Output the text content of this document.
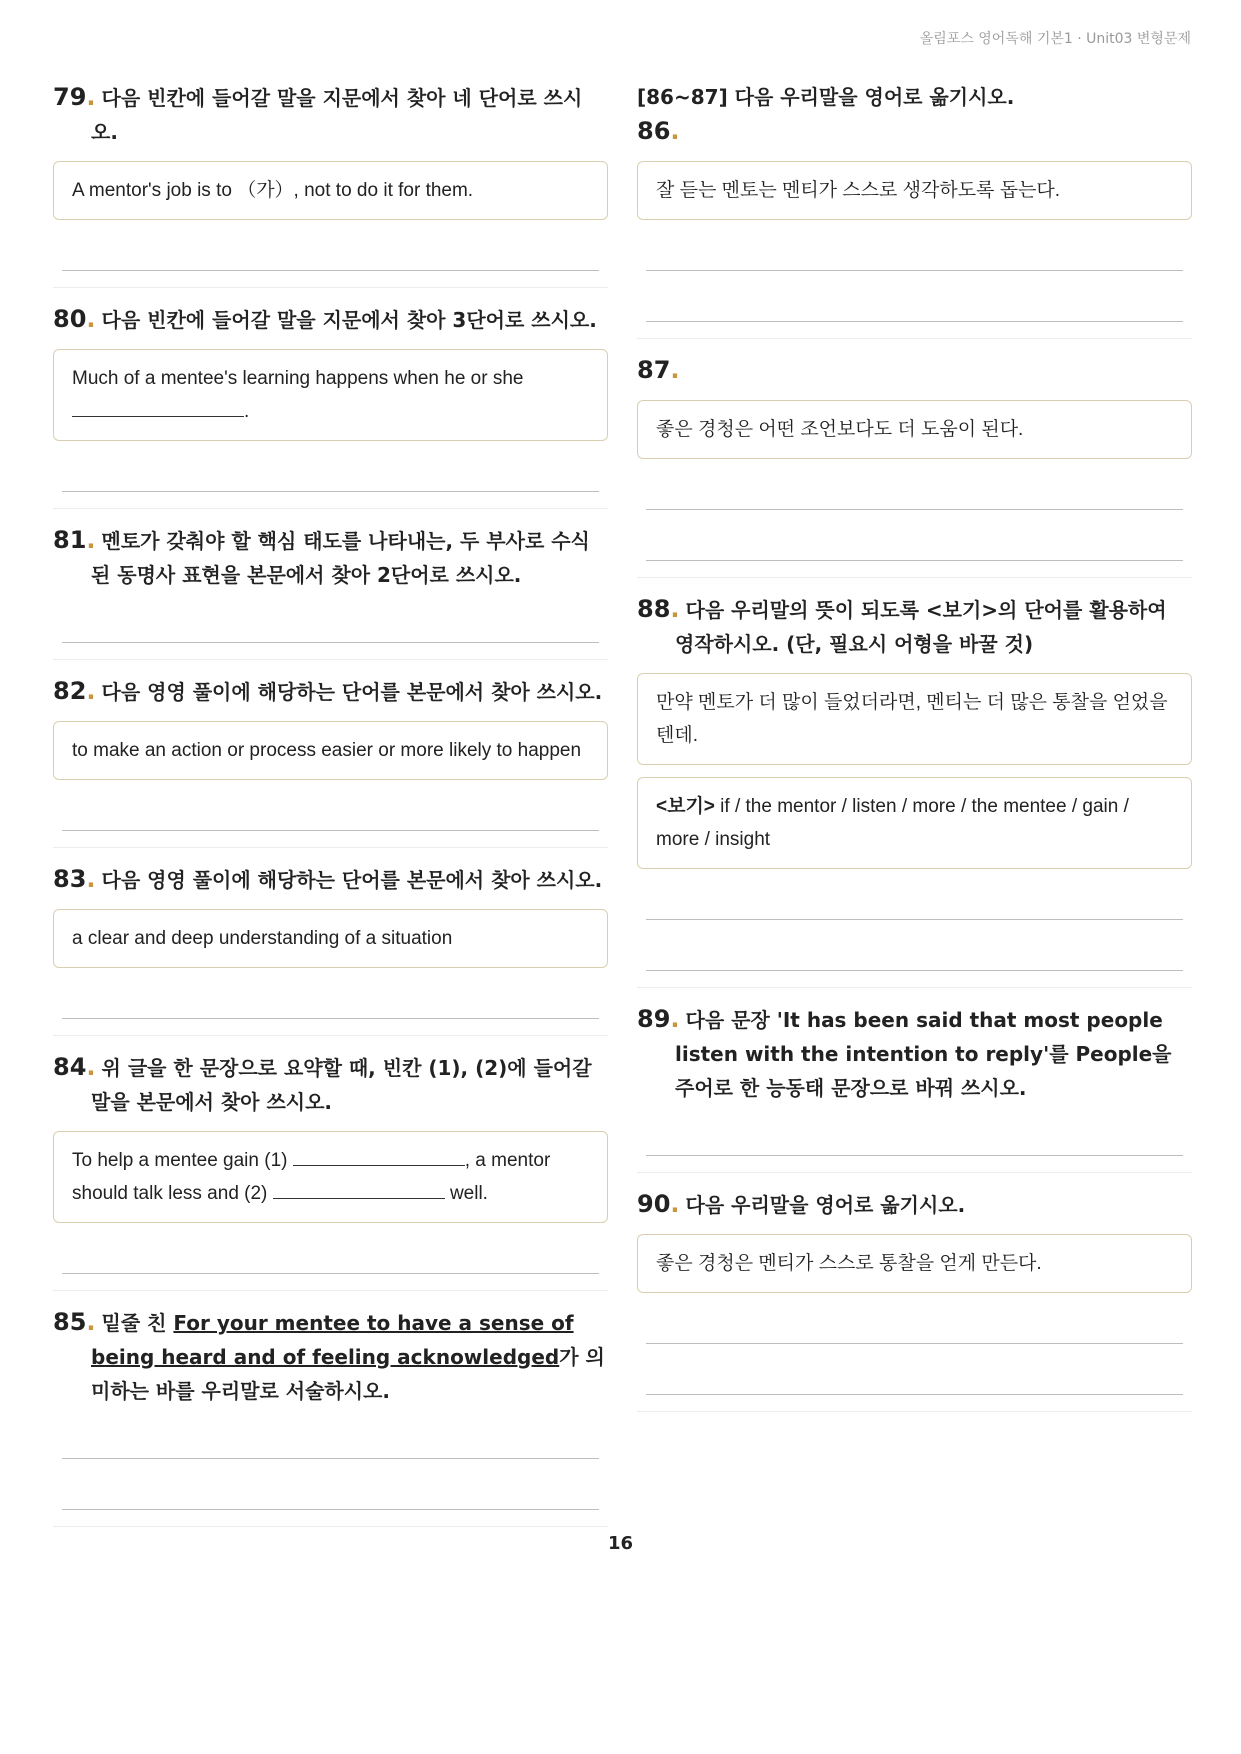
올림포스 영어독해 기본1 · Unit03 변형문제
79. 다음 빈칸에 들어갈 말을 지문에서 찾아 네 단어로 쓰시오.
A mentor's job is to （가）, not to do it for them.
80. 다음 빈칸에 들어갈 말을 지문에서 찾아 3단어로 쓰시오.
Much of a mentee's learning happens when he or she
.
81. 멘토가 갖춰야 할 핵심 태도를 나타내는, 두 부사로 수식된 동명사 표현을 본문에서 찾아 2단어로 쓰시오.
82. 다음 영영 풀이에 해당하는 단어를 본문에서 찾아 쓰시오.
to make an action or process easier or more likely to happen
83. 다음 영영 풀이에 해당하는 단어를 본문에서 찾아 쓰시오.
a clear and deep understanding of a situation
84. 위 글을 한 문장으로 요약할 때, 빈칸 (1), (2)에 들어갈 말을 본문에서 찾아 쓰시오.
To help a mentee gain (1)	, a mentor should talk less and (2)	well.
85. 밑줄 친 For your mentee to have a sense of being heard and of feeling acknowledged가 의미하는 바를 우리말로 서술하시오.
[86~87] 다음 우리말을 영어로 옮기시오.
86.
잘 듣는 멘토는 멘티가 스스로 생각하도록 돕는다.
87.
좋은 경청은 어떤 조언보다도 더 도움이 된다.
88. 다음 우리말의 뜻이 되도록 <보기>의 단어를 활용하여 영작하시오. (단, 필요시 어형을 바꿀 것)
만약 멘토가 더 많이 들었더라면, 멘티는 더 많은 통찰을 얻었을 텐데.
<보기> if / the mentor / listen / more / the mentee / gain / more / insight
89. 다음 문장 'It has been said that most people listen with the intention to reply'를 People을 주어로 한 능동태 문장으로 바꿔 쓰시오.
90. 다음 우리말을 영어로 옮기시오.
좋은 경청은 멘티가 스스로 통찰을 얻게 만든다.
16
